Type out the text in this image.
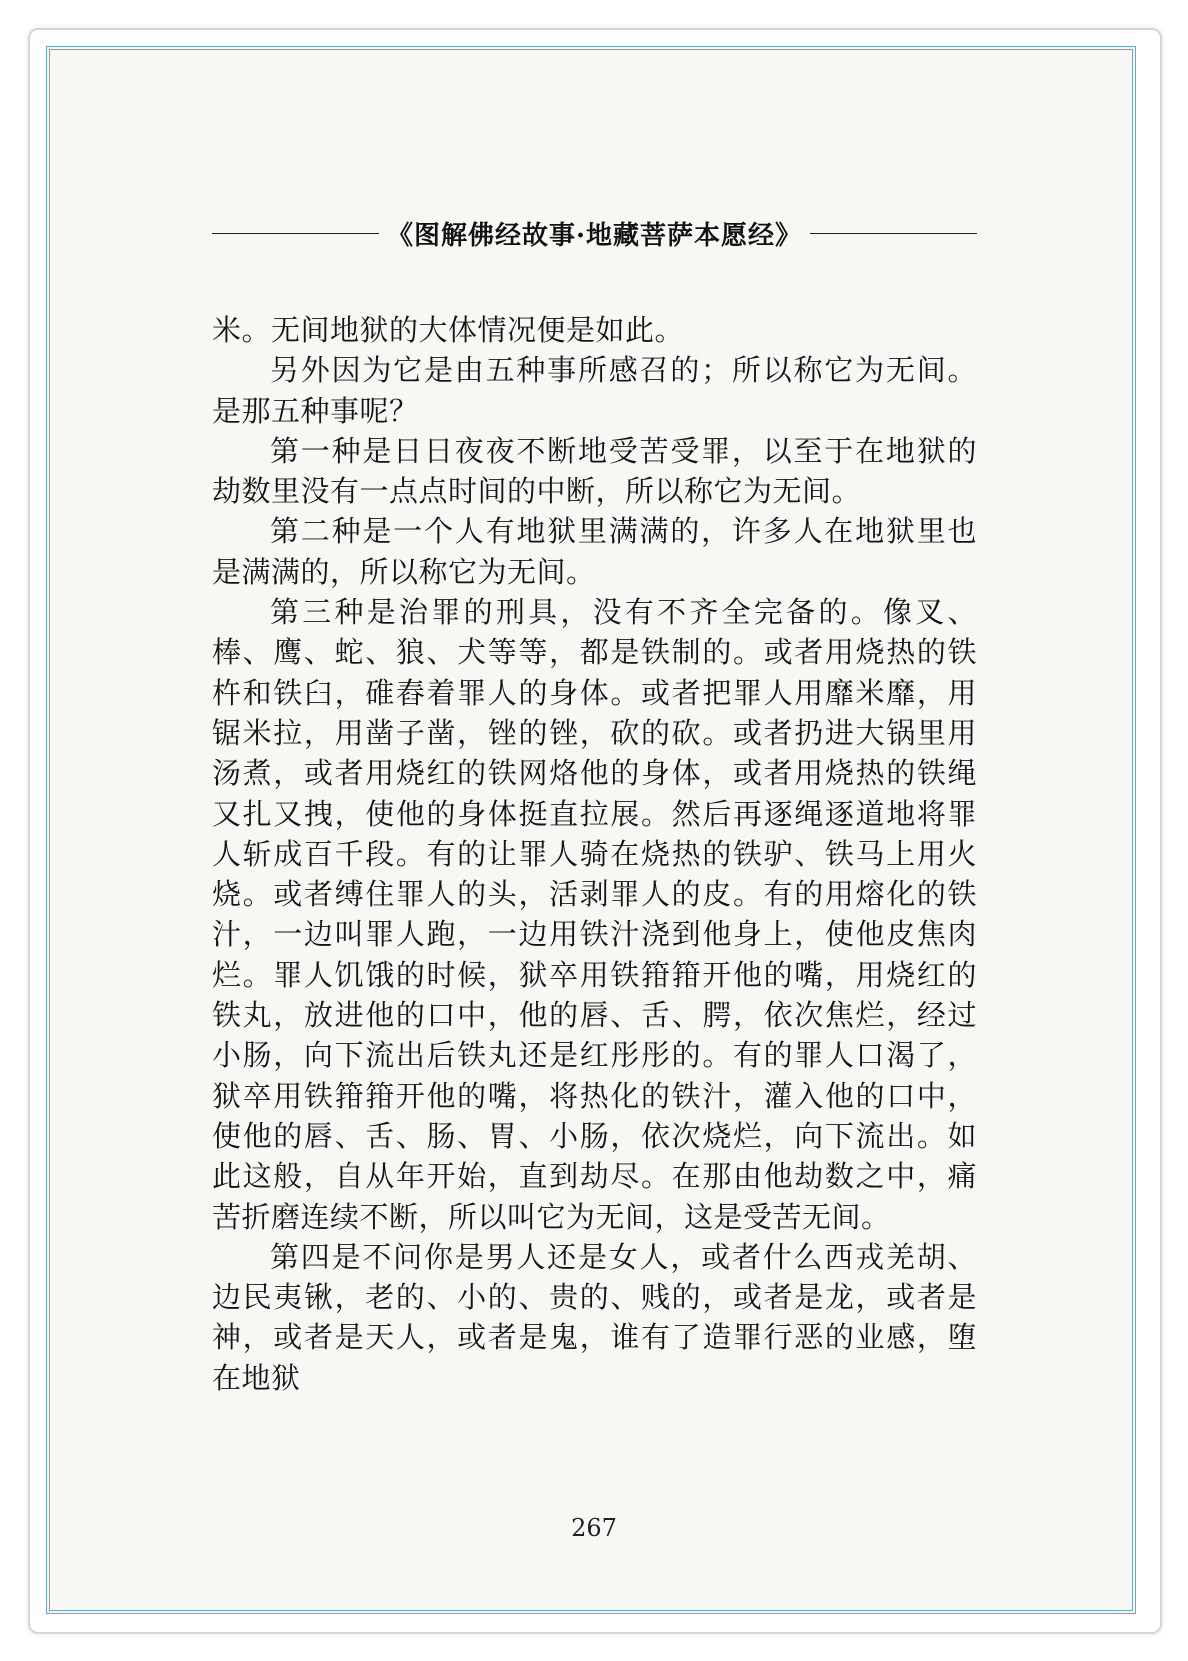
《图解佛经故事·地藏菩萨本愿经》

米。无间地狱的大体情况便是如此。

另外因为它是由五种事所感召的；所以称它为无间。是那五种事呢？

第一种是日日夜夜不断地受苦受罪，以至于在地狱的劫数里没有一点点时间的中断，所以称它为无间。

第二种是一个人有地狱里满满的，许多人在地狱里也是满满的，所以称它为无间。

第三种是治罪的刑具，没有不齐全完备的。像叉、棒、鹰、蛇、狼、犬等等，都是铁制的。或者用烧热的铁杵和铁臼，碓舂着罪人的身体。或者把罪人用靡米靡，用锯米拉，用凿子凿，锉的锉，砍的砍。或者扔进大锅里用汤煮，或者用烧红的铁网烙他的身体，或者用烧热的铁绳又扎又拽，使他的身体挺直拉展。然后再逐绳逐道地将罪人斩成百千段。有的让罪人骑在烧热的铁驴、铁马上用火烧。或者缚住罪人的头，活剥罪人的皮。有的用熔化的铁汁，一边叫罪人跑，一边用铁汁浇到他身上，使他皮焦肉烂。罪人饥饿的时候，狱卒用铁箝箝开他的嘴，用烧红的铁丸，放进他的口中，他的唇、舌、腭，依次焦烂，经过小肠，向下流出后铁丸还是红彤彤的。有的罪人口渴了，狱卒用铁箝箝开他的嘴，将热化的铁汁，灌入他的口中，使他的唇、舌、肠、胃、小肠，依次烧烂，向下流出。如此这般，自从年开始，直到劫尽。在那由他劫数之中，痛苦折磨连续不断，所以叫它为无间，这是受苦无间。

第四是不问你是男人还是女人，或者什么西戎羌胡、边民夷锹，老的、小的、贵的、贱的，或者是龙，或者是神，或者是天人，或者是鬼，谁有了造罪行恶的业感，堕在地狱

267
